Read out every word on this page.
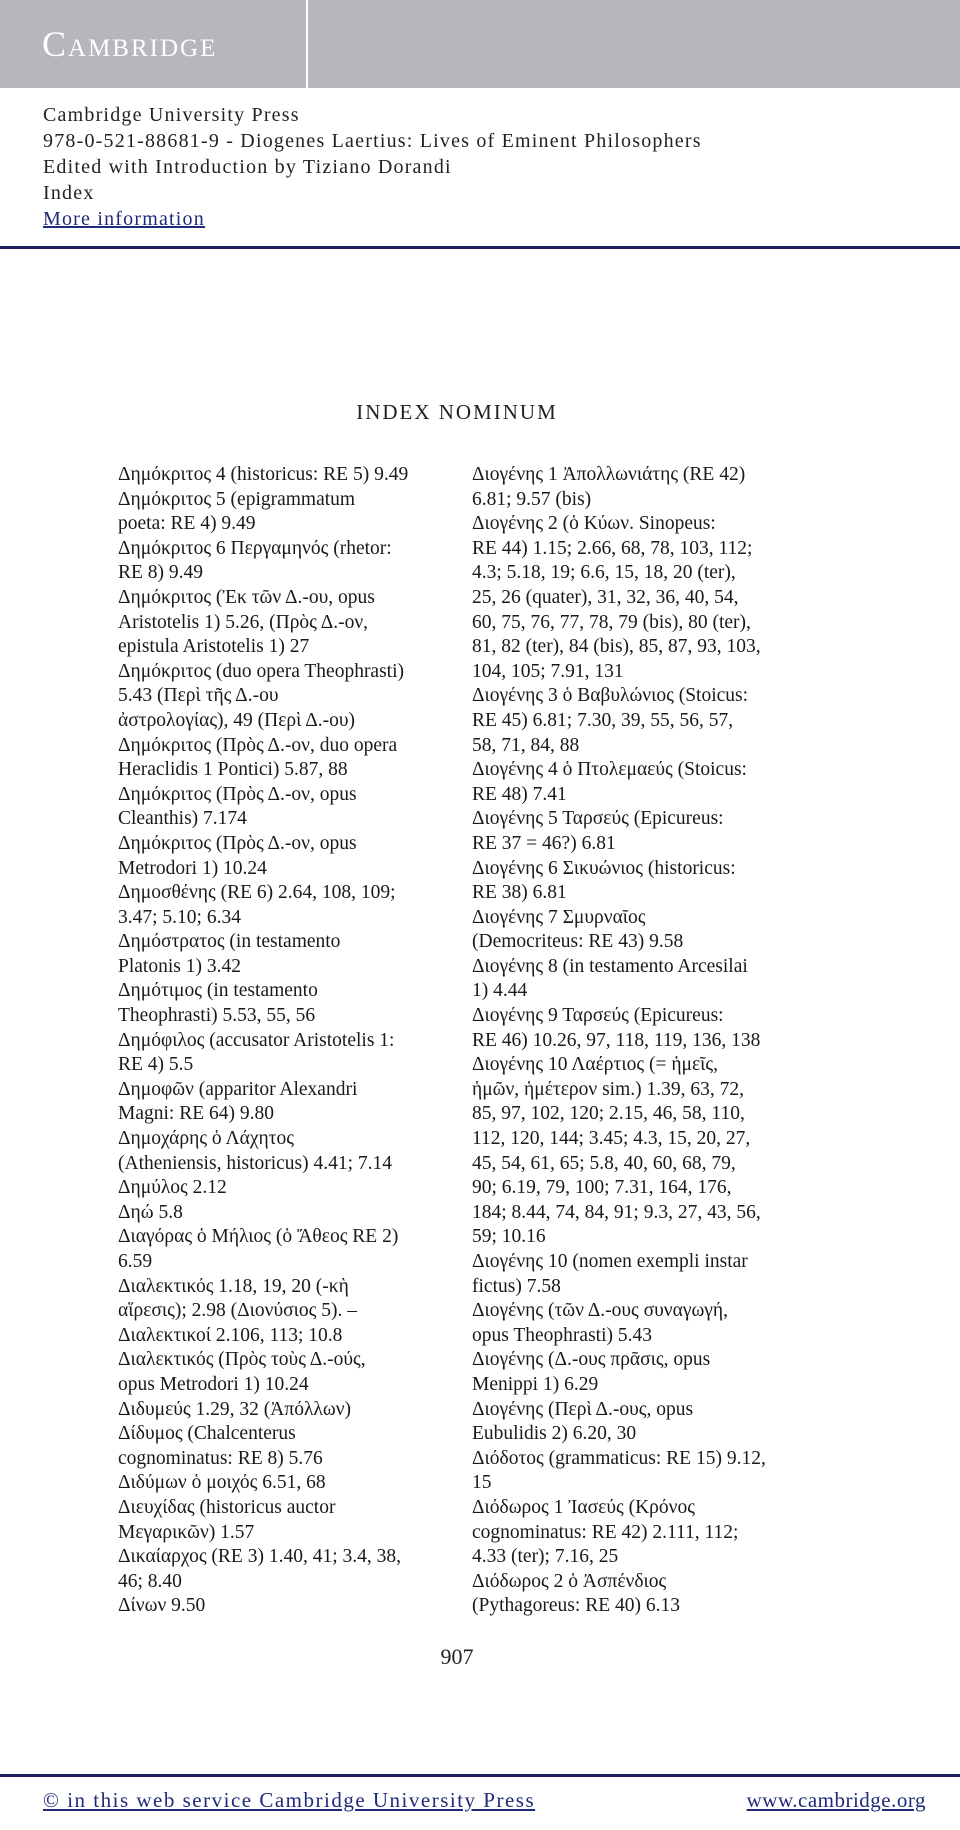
Cambridge
Cambridge University Press
978-0-521-88681-9 - Diogenes Laertius: Lives of Eminent Philosophers
Edited with Introduction by Tiziano Dorandi
Index
More information
INDEX NOMINUM
Δημόκριτος 4 (historicus: RE 5) 9.49
Δημόκριτος 5 (epigrammatum
poeta: RE 4) 9.49
Δημόκριτος 6 Περγαμηνός (rhetor:
RE 8) 9.49
Δημόκριτος (Ἐκ τῶν Δ.-ου, opus
Aristotelis 1) 5.26, (Πρὸς Δ.-ον,
epistula Aristotelis 1) 27
Δημόκριτος (duo opera Theophrasti)
5.43 (Περὶ τῆς Δ.-ου
ἀστρολογίας), 49 (Περὶ Δ.-ου)
Δημόκριτος (Πρὸς Δ.-ον, duo opera
Heraclidis 1 Pontici) 5.87, 88
Δημόκριτος (Πρὸς Δ.-ον, opus
Cleanthis) 7.174
Δημόκριτος (Πρὸς Δ.-ον, opus
Metrodori 1) 10.24
Δημοσθένης (RE 6) 2.64, 108, 109;
3.47; 5.10; 6.34
Δημόστρατος (in testamento
Platonis 1) 3.42
Δημότιμος (in testamento
Theophrasti) 5.53, 55, 56
Δημόφιλος (accusator Aristotelis 1:
RE 4) 5.5
Δημοφῶν (apparitor Alexandri
Magni: RE 64) 9.80
Δημοχάρης ὁ Λάχητος
(Atheniensis, historicus) 4.41; 7.14
Δημύλος 2.12
Δηώ 5.8
Διαγόρας ὁ Μήλιος (ὁ Ἄθεος RE 2)
6.59
Διαλεκτικός 1.18, 19, 20 (-κὴ
αἵρεσις); 2.98 (Διονύσιος 5). –
Διαλεκτικοί 2.106, 113; 10.8
Διαλεκτικός (Πρὸς τοὺς Δ.-ούς,
opus Metrodori 1) 10.24
Διδυμεύς 1.29, 32 (Ἀπόλλων)
Δίδυμος (Chalcenterus
cognominatus: RE 8) 5.76
Διδύμων ὁ μοιχός 6.51, 68
Διευχίδας (historicus auctor
Μεγαρικῶν) 1.57
Δικαίαρχος (RE 3) 1.40, 41; 3.4, 38,
46; 8.40
Δίνων 9.50
Διογένης 1 Ἀπολλωνιάτης (RE 42)
6.81; 9.57 (bis)
Διογένης 2 (ὁ Κύων. Sinopeus:
RE 44) 1.15; 2.66, 68, 78, 103, 112;
4.3; 5.18, 19; 6.6, 15, 18, 20 (ter),
25, 26 (quater), 31, 32, 36, 40, 54,
60, 75, 76, 77, 78, 79 (bis), 80 (ter),
81, 82 (ter), 84 (bis), 85, 87, 93, 103,
104, 105; 7.91, 131
Διογένης 3 ὁ Βαβυλώνιος (Stoicus:
RE 45) 6.81; 7.30, 39, 55, 56, 57,
58, 71, 84, 88
Διογένης 4 ὁ Πτολεμαεύς (Stoicus:
RE 48) 7.41
Διογένης 5 Ταρσεύς (Epicureus:
RE 37 = 46?) 6.81
Διογένης 6 Σικυώνιος (historicus:
RE 38) 6.81
Διογένης 7 Σμυρναῖος
(Democriteus: RE 43) 9.58
Διογένης 8 (in testamento Arcesilai
1) 4.44
Διογένης 9 Ταρσεύς (Epicureus:
RE 46) 10.26, 97, 118, 119, 136, 138
Διογένης 10 Λαέρτιος (= ἡμεῖς,
ἡμῶν, ἡμέτερον sim.) 1.39, 63, 72,
85, 97, 102, 120; 2.15, 46, 58, 110,
112, 120, 144; 3.45; 4.3, 15, 20, 27,
45, 54, 61, 65; 5.8, 40, 60, 68, 79,
90; 6.19, 79, 100; 7.31, 164, 176,
184; 8.44, 74, 84, 91; 9.3, 27, 43, 56,
59; 10.16
Διογένης 10 (nomen exempli instar
fictus) 7.58
Διογένης (τῶν Δ.-ους συναγωγή,
opus Theophrasti) 5.43
Διογένης (Δ.-ους πρᾶσις, opus
Menippi 1) 6.29
Διογένης (Περὶ Δ.-ους, opus
Eubulidis 2) 6.20, 30
Διόδοτος (grammaticus: RE 15) 9.12,
15
Διόδωρος 1 Ἰασεύς (Κρόνος
cognominatus: RE 42) 2.111, 112;
4.33 (ter); 7.16, 25
Διόδωρος 2 ὁ Ἀσπένδιος
(Pythagoreus: RE 40) 6.13
907
© in this web service Cambridge University Press	www.cambridge.org
